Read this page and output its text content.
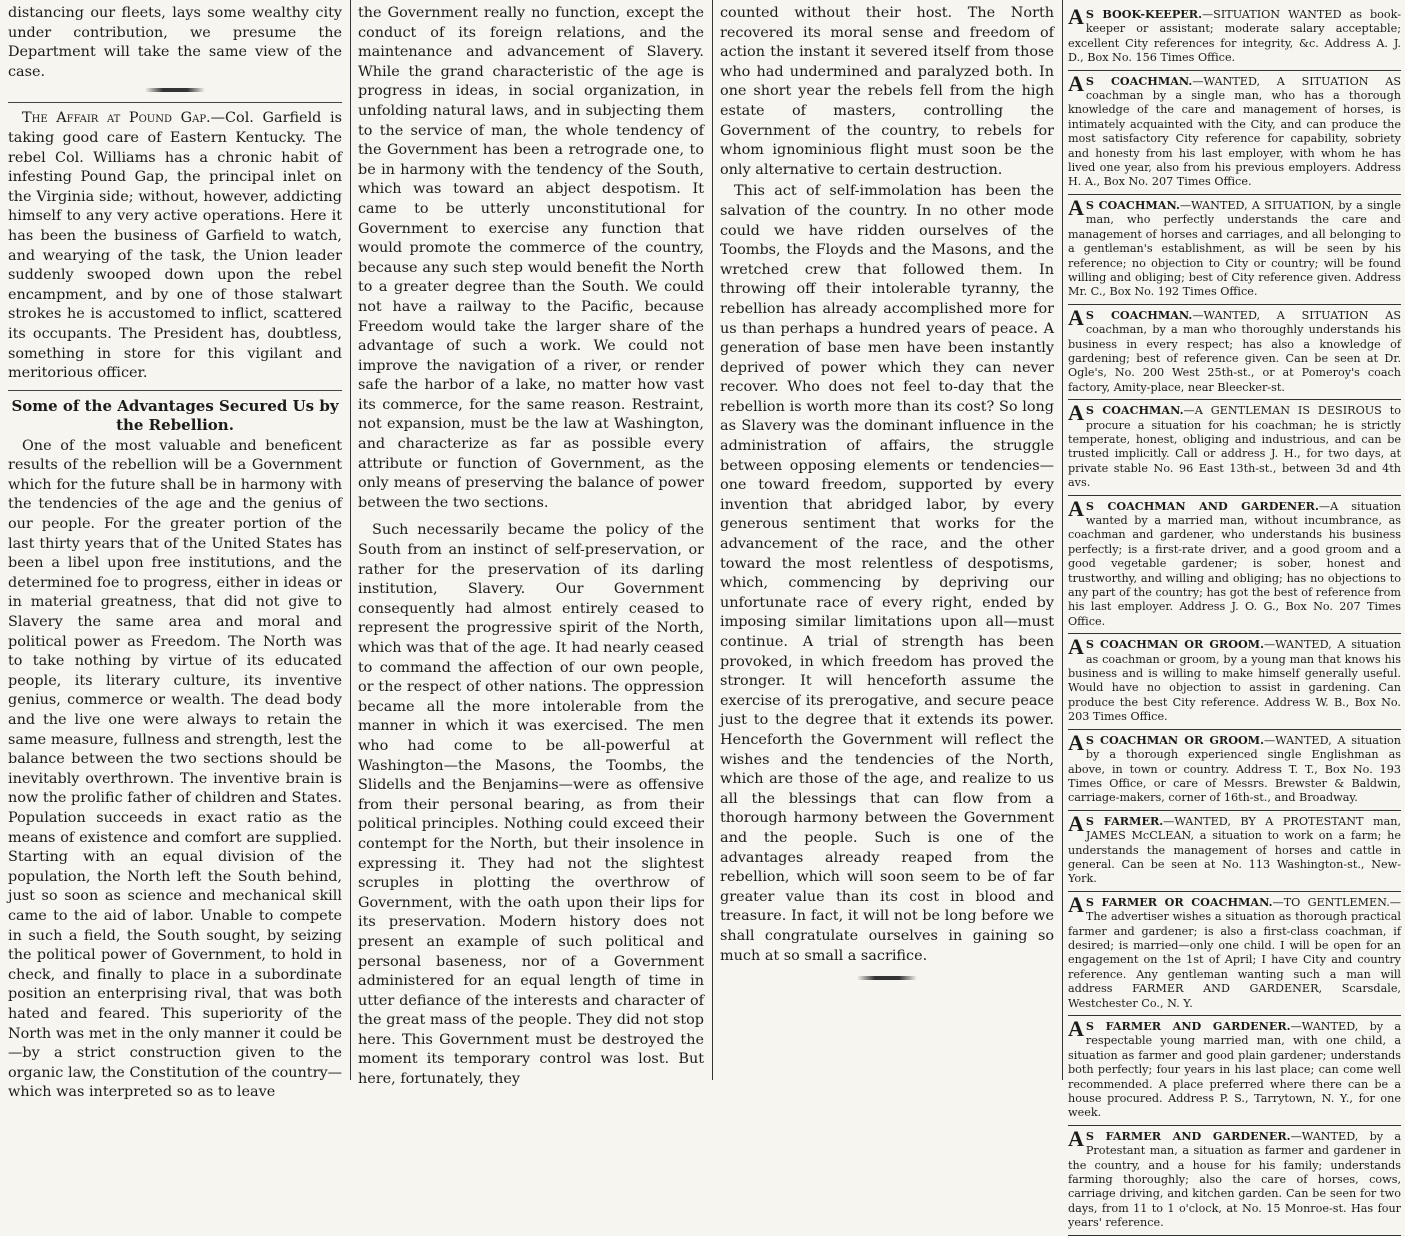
distancing our fleets, lays some wealthy city under contribution, we presume the Department will take the same view of the case.

The Affair at Pound Gap.—Col. Garfield is taking good care of Eastern Kentucky. The rebel Col. Williams has a chronic habit of infesting Pound Gap, the principal inlet on the Virginia side; without, however, addicting himself to any very active operations. Here it has been the business of Garfield to watch, and wearying of the task, the Union leader suddenly swooped down upon the rebel encampment, and by one of those stalwart strokes he is accustomed to inflict, scattered its occupants. The President has, doubtless, something in store for this vigilant and meritorious officer.

Some of the Advantages Secured Us by the Rebellion.

One of the most valuable and beneficent results of the rebellion will be a Government which for the future shall be in harmony with the tendencies of the age and the genius of our people. For the greater portion of the last thirty years that of the United States has been a libel upon free institutions, and the determined foe to progress, either in ideas or in material greatness, that did not give to Slavery the same area and moral and political power as Freedom. The North was to take nothing by virtue of its educated people, its literary culture, its inventive genius, commerce or wealth. The dead body and the live one were always to retain the same measure, fullness and strength, lest the balance between the two sections should be inevitably overthrown. The inventive brain is now the prolific father of children and States. Population succeeds in exact ratio as the means of existence and comfort are supplied. Starting with an equal division of the population, the North left the South behind, just so soon as science and mechanical skill came to the aid of labor. Unable to compete in such a field, the South sought, by seizing the political power of Government, to hold in check, and finally to place in a subordinate position an enterprising rival, that was both hated and feared. This superiority of the North was met in the only manner it could be—by a strict construction given to the organic law, the Constitution of the country—which was interpreted so as to leave

the Government really no function, except the conduct of its foreign relations, and the maintenance and advancement of Slavery. While the grand characteristic of the age is progress in ideas, in social organization, in unfolding natural laws, and in subjecting them to the service of man, the whole tendency of the Government has been a retrograde one, to be in harmony with the tendency of the South, which was toward an abject despotism. It came to be utterly unconstitutional for Government to exercise any function that would promote the commerce of the country, because any such step would benefit the North to a greater degree than the South. We could not have a railway to the Pacific, because Freedom would take the larger share of the advantage of such a work. We could not improve the navigation of a river, or render safe the harbor of a lake, no matter how vast its commerce, for the same reason. Restraint, not expansion, must be the law at Washington, and characterize as far as possible every attribute or function of Government, as the only means of preserving the balance of power between the two sections.

Such necessarily became the policy of the South from an instinct of self-preservation, or rather for the preservation of its darling institution, Slavery. Our Government consequently had almost entirely ceased to represent the progressive spirit of the North, which was that of the age. It had nearly ceased to command the affection of our own people, or the respect of other nations. The oppression became all the more intolerable from the manner in which it was exercised. The men who had come to be all-powerful at Washington—the Masons, the Toombs, the Slidells and the Benjamins—were as offensive from their personal bearing, as from their political principles. Nothing could exceed their contempt for the North, but their insolence in expressing it. They had not the slightest scruples in plotting the overthrow of Government, with the oath upon their lips for its preservation. Modern history does not present an example of such political and personal baseness, nor of a Government administered for an equal length of time in utter defiance of the interests and character of the great mass of the people. They did not stop here. This Government must be destroyed the moment its temporary control was lost. But here, fortunately, they

counted without their host. The North recovered its moral sense and freedom of action the instant it severed itself from those who had undermined and paralyzed both. In one short year the rebels fell from the high estate of masters, controlling the Government of the country, to rebels for whom ignominious flight must soon be the only alternative to certain destruction.

This act of self-immolation has been the salvation of the country. In no other mode could we have ridden ourselves of the Toombs, the Floyds and the Masons, and the wretched crew that followed them. In throwing off their intolerable tyranny, the rebellion has already accomplished more for us than perhaps a hundred years of peace. A generation of base men have been instantly deprived of power which they can never recover. Who does not feel to-day that the rebellion is worth more than its cost? So long as Slavery was the dominant influence in the administration of affairs, the struggle between opposing elements or tendencies—one toward freedom, supported by every invention that abridged labor, by every generous sentiment that works for the advancement of the race, and the other toward the most relentless of despotisms, which, commencing by depriving our unfortunate race of every right, ended by imposing similar limitations upon all—must continue. A trial of strength has been provoked, in which freedom has proved the stronger. It will henceforth assume the exercise of its prerogative, and secure peace just to the degree that it extends its power. Henceforth the Government will reflect the wishes and the tendencies of the North, which are those of the age, and realize to us all the blessings that can flow from a thorough harmony between the Government and the people. Such is one of the advantages already reaped from the rebellion, which will soon seem to be of far greater value than its cost in blood and treasure. In fact, it will not be long before we shall congratulate ourselves in gaining so much at so small a sacrifice.

A S BOOK-KEEPER.—SITUATION WANTED as book-keeper or assistant; moderate salary acceptable; excellent City references for integrity, &c. Address A. J. D., Box No. 156 Times Office.

A S COACHMAN.—WANTED, A SITUATION AS coachman by a single man, who has a thorough knowledge of the care and management of horses, is intimately acquainted with the City, and can produce the most satisfactory City reference for capability, sobriety and honesty from his last employer, with whom he has lived one year, also from his previous employers. Address H. A., Box No. 207 Times Office.

A S COACHMAN.—WANTED, A SITUATION, by a single man, who perfectly understands the care and management of horses and carriages, and all belonging to a gentleman's establishment, as will be seen by his reference; no objection to City or country; will be found willing and obliging; best of City reference given. Address Mr. C., Box No. 192 Times Office.

A S COACHMAN.—WANTED, A SITUATION AS coachman, by a man who thoroughly understands his business in every respect; has also a knowledge of gardening; best of reference given. Can be seen at Dr. Ogle's, No. 200 West 25th-st., or at Pomeroy's coach factory, Amity-place, near Bleecker-st.

A S COACHMAN.—A GENTLEMAN IS DESIROUS to procure a situation for his coachman; he is strictly temperate, honest, obliging and industrious, and can be trusted implicitly. Call or address J. H., for two days, at private stable No. 96 East 13th-st., between 3d and 4th avs.

A S COACHMAN AND GARDENER.—A situation wanted by a married man, without incumbrance, as coachman and gardener, who understands his business perfectly; is a first-rate driver, and a good groom and a good vegetable gardener; is sober, honest and trustworthy, and willing and obliging; has no objections to any part of the country; has got the best of reference from his last employer. Address J. O. G., Box No. 207 Times Office.

A S COACHMAN OR GROOM.—WANTED, A situation as coachman or groom, by a young man that knows his business and is willing to make himself generally useful. Would have no objection to assist in gardening. Can produce the best City reference. Address W. B., Box No. 203 Times Office.

A S COACHMAN OR GROOM.—WANTED, A situation by a thorough experienced single Englishman as above, in town or country. Address T. T., Box No. 193 Times Office, or care of Messrs. Brewster & Baldwin, carriage-makers, corner of 16th-st., and Broadway.

A S FARMER.—WANTED, BY A PROTESTANT man, JAMES McCLEAN, a situation to work on a farm; he understands the management of horses and cattle in general. Can be seen at No. 113 Washington-st., New-York.

A S FARMER OR COACHMAN.—TO GENTLEMEN.—The advertiser wishes a situation as thorough practical farmer and gardener; is also a first-class coachman, if desired; is married—only one child. I will be open for an engagement on the 1st of April; I have City and country reference. Any gentleman wanting such a man will address FARMER AND GARDENER, Scarsdale, Westchester Co., N. Y.

A S FARMER AND GARDENER.—WANTED, by a respectable young married man, with one child, a situation as farmer and good plain gardener; understands both perfectly; four years in his last place; can come well recommended. A place preferred where there can be a house procured. Address P. S., Tarrytown, N. Y., for one week.

A S FARMER AND GARDENER.—WANTED, by a Protestant man, a situation as farmer and gardener in the country, and a house for his family; understands farming thoroughly; also the care of horses, cows, carriage driving, and kitchen garden. Can be seen for two days, from 11 to 1 o'clock, at No. 15 Monroe-st. Has four years' reference.
